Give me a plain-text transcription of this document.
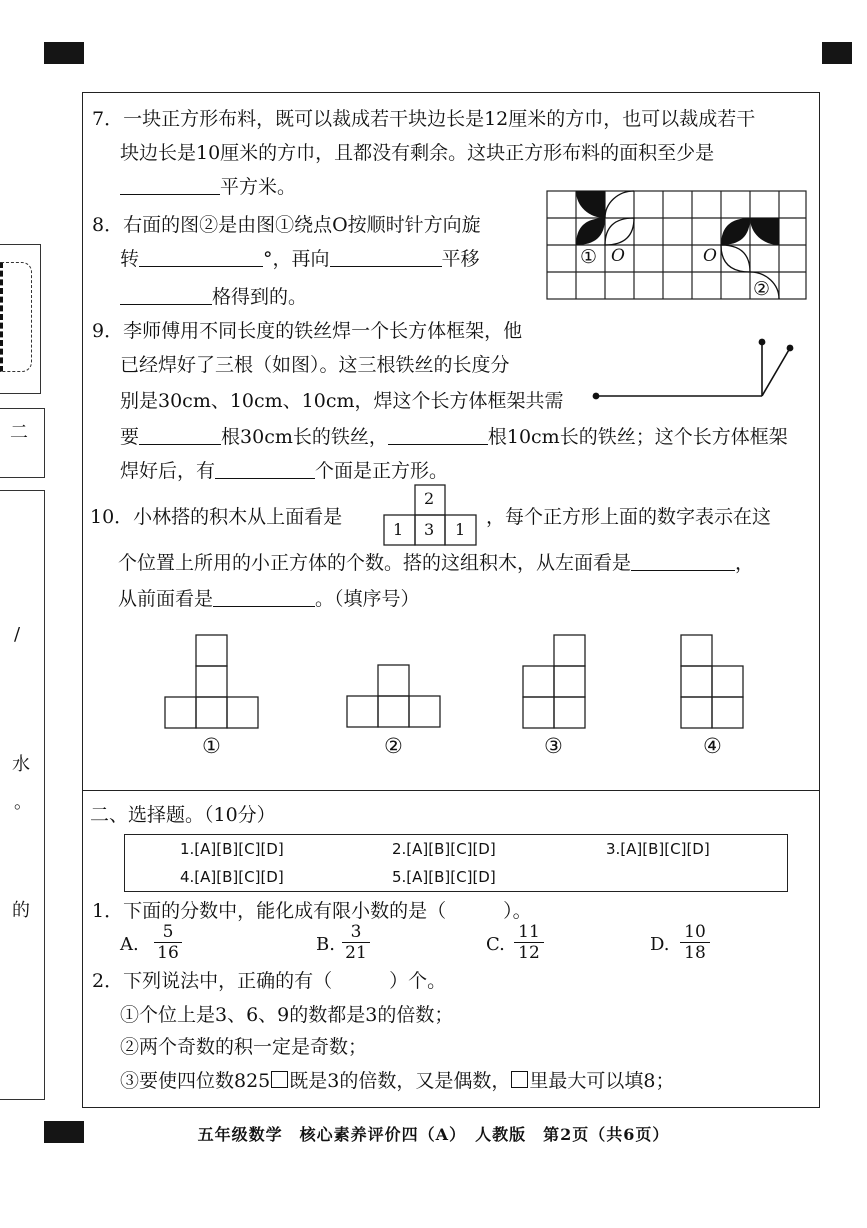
二
/
水
。
的
7．一块正方形布料，既可以裁成若干块边长是12厘米的方巾，也可以裁成若干
块边长是10厘米的方巾，且都没有剩余。这块正方形布料的面积至少是
平方米。
8．右面的图②是由图①绕点O按顺时针方向旋
转	°，再向	平移
格得到的。
① O	O
②
9．李师傅用不同长度的铁丝焊一个长方体框架，他
已经焊好了三根（如图）。这三根铁丝的长度分
别是30cm、10cm、10cm，焊这个长方体框架共需
要	根30cm长的铁丝，	根10cm长的铁丝；这个长方体框架
焊好后，有	个面是正方形。
10．小林搭的积木从上面看是
2
1 3 1
，每个正方形上面的数字表示在这
个位置上所用的小正方体的个数。搭的这组积木，从左面看是	，
从前面看是	。（填序号）
①	②	③	④
二、选择题。（10分）
1.[A][B][C][D]	2.[A][B][C][D]	3.[A][B][C][D]
4.[A][B][C][D]	5.[A][B][C][D]
1．下面的分数中，能化成有限小数的是（　　　）。
A. $\frac{5}{16}$	B. $\frac{3}{21}$	C. $\frac{11}{12}$	D. $\frac{10}{18}$
2．下列说法中，正确的有（　　　）个。
①个位上是3、6、9的数都是3的倍数；
②两个奇数的积一定是奇数；
③要使四位数825 既是3的倍数，又是偶数， 里最大可以填8；
五年级数学　核心素养评价四（A）　人教版　第2页（共6页）
